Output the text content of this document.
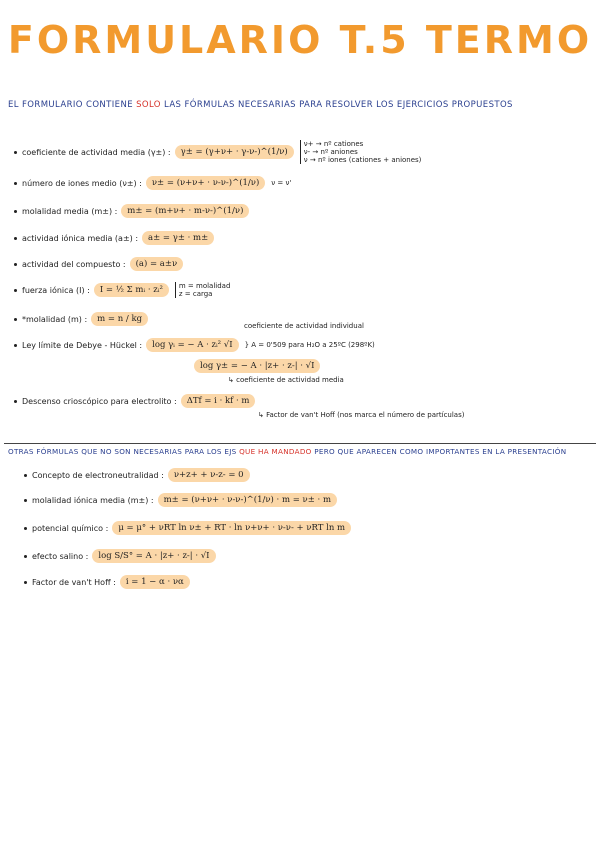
FORMULARIO T.5 TERMO
EL FORMULARIO CONTIENE SOLO LAS FÓRMULAS NECESARIAS PARA RESOLVER LOS EJERCICIOS PROPUESTOS
coeficiente de actividad media (γ±) :	γ± = (γ+ν+ · γ-ν-)^(1/ν)
ν+ → nº cationes
ν- → nº aniones
ν → nº iones (cationes + aniones)
número de iones medio (ν±) :	ν± = (ν+ν+ · ν-ν-)^(1/ν)	ν = ν'
molalidad media (m±) :	m± = (m+ν+ · m-ν-)^(1/ν)
actividad iónica media (a±) :	a± = γ± · m±
actividad del compuesto :	(a) = a±ν
fuerza iónica (I) :	I = ½ Σ mᵢ · zᵢ²	m = molalidad
z = carga
*molalidad (m) :	m = n / kg
coeficiente de actividad individual
Ley límite de Debye - Hückel :	log γᵢ = − A · zᵢ² √I	} A = 0'509 para H₂O a 25ºC (298ºK)
log γ± = − A · |z+ · z-| · √I
↳ coeficiente de actividad media
Descenso crioscópico para electrolito :	ΔTf = i · kf · m
↳ Factor de van't Hoff (nos marca el número de partículas)
OTRAS FÓRMULAS QUE NO SON NECESARIAS PARA LOS EJS QUE HA MANDADO PERO QUE APARECEN COMO IMPORTANTES EN LA PRESENTACIÓN
Concepto de electroneutralidad :	ν+z+ + ν-z- = 0
molalidad iónica media (m±) :	m± = (ν+ν+ · ν-ν-)^(1/ν) · m = ν± · m
potencial químico :	μ = μ° + νRT ln ν± + RT · ln ν+ν+ · ν-ν- + νRT ln m
efecto salino :	log S/S° = A · |z+ · z-| · √I
Factor de van't Hoff :	i = 1 − α · να
